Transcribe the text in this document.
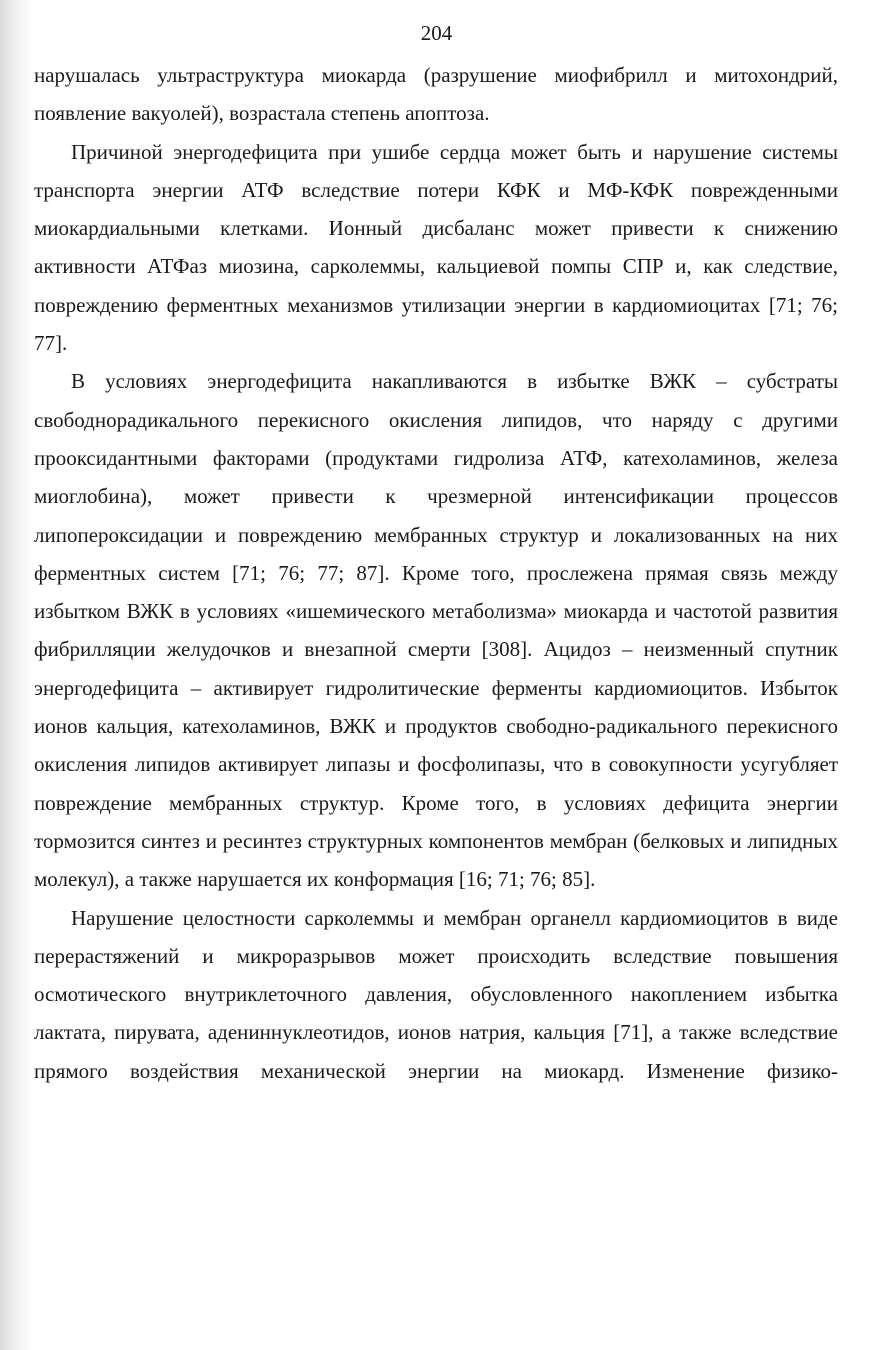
204

нарушалась ультраструктура миокарда (разрушение миофибрилл и митохондрий, появление вакуолей), возрастала степень апоптоза.

Причиной энергодефицита при ушибе сердца может быть и нарушение системы транспорта энергии АТФ вследствие потери КФК и МФ-КФК поврежденными миокардиальными клетками. Ионный дисбаланс может привести к снижению активности АТФаз миозина, сарколеммы, кальциевой помпы СПР и, как следствие, повреждению ферментных механизмов утилизации энергии в кардиомиоцитах [71; 76; 77].

В условиях энергодефицита накапливаются в избытке ВЖК – субстраты свободнорадикального перекисного окисления липидов, что наряду с другими прооксидантными факторами (продуктами гидролиза АТФ, катехоламинов, железа миоглобина), может привести к чрезмерной интенсификации процессов липопероксидации и повреждению мембранных структур и локализованных на них ферментных систем [71; 76; 77; 87]. Кроме того, прослежена прямая связь между избытком ВЖК в условиях «ишемического метаболизма» миокарда и частотой развития фибрилляции желудочков и внезапной смерти [308]. Ацидоз – неизменный спутник энергодефицита – активирует гидролитические ферменты кардиомиоцитов. Избыток ионов кальция, катехоламинов, ВЖК и продуктов свободно-радикального перекисного окисления липидов активирует липазы и фосфолипазы, что в совокупности усугубляет повреждение мембранных структур. Кроме того, в условиях дефицита энергии тормозится синтез и ресинтез структурных компонентов мембран (белковых и липидных молекул), а также нарушается их конформация [16; 71; 76; 85].

Нарушение целостности сарколеммы и мембран органелл кардиомиоцитов в виде перерастяжений и микроразрывов может происходить вследствие повышения осмотического внутриклеточного давления, обусловленного накоплением избытка лактата, пирувата, адениннуклеотидов, ионов натрия, кальция [71], а также вследствие прямого воздействия механической энергии на миокард. Изменение физико-
